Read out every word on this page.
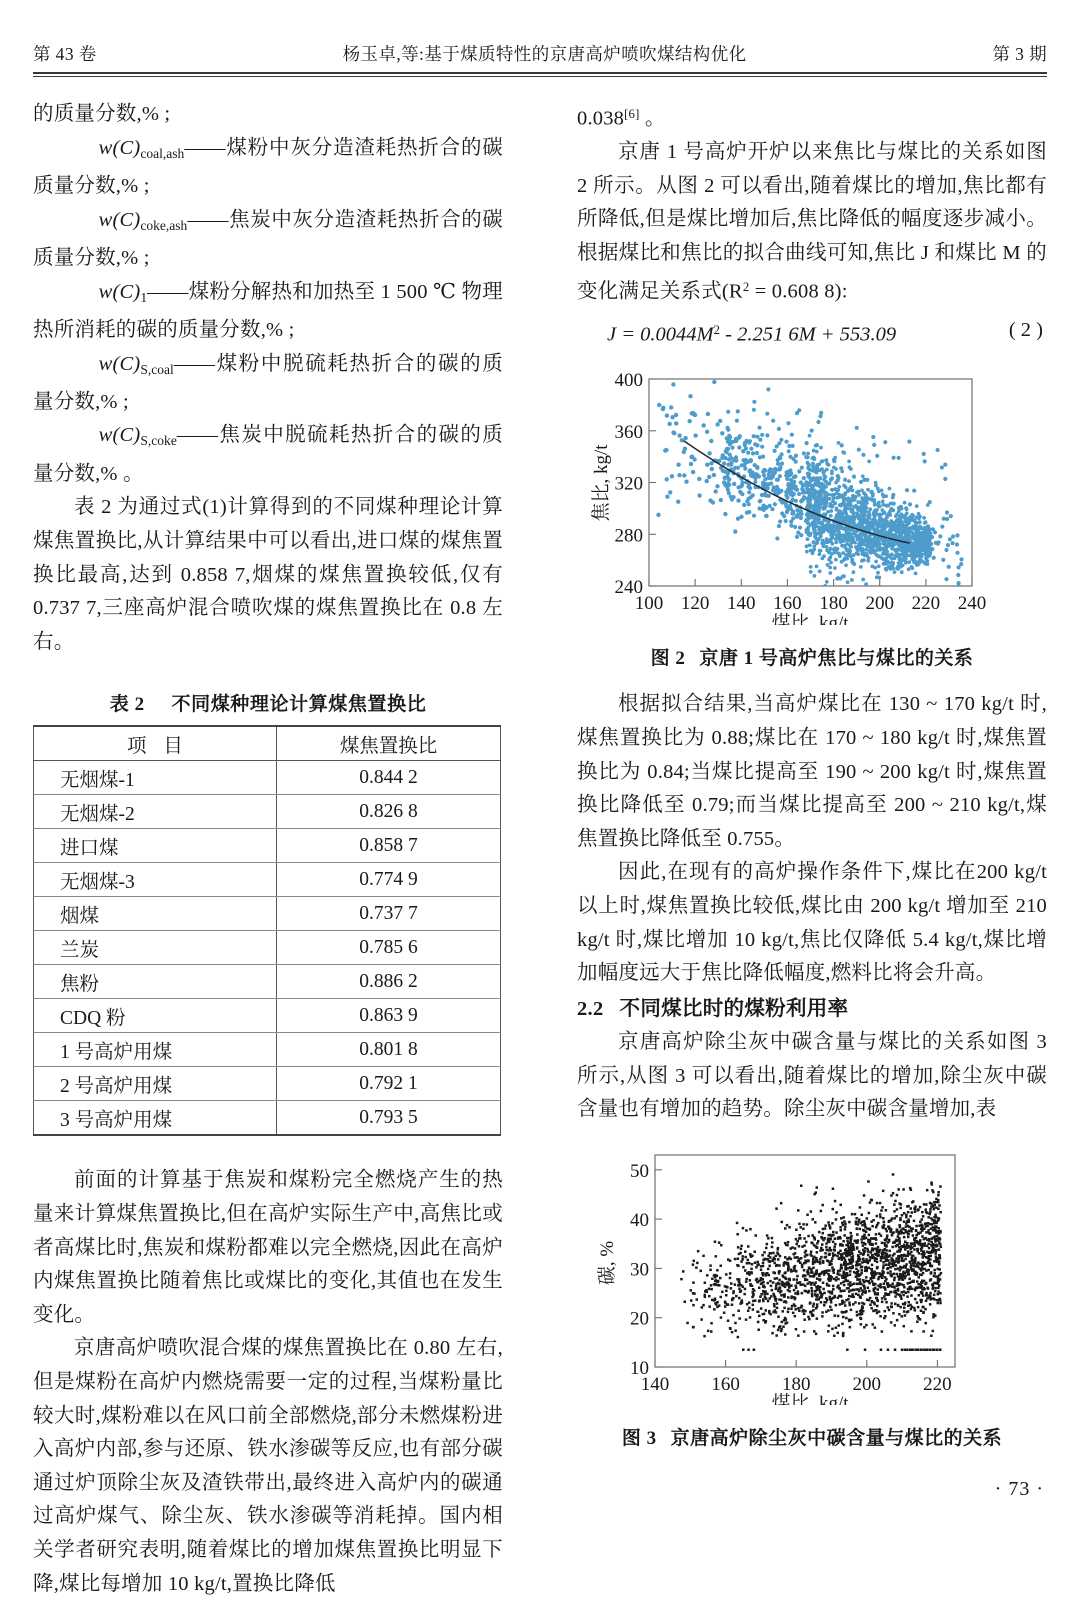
第 43 卷	杨玉卓,等:基于煤质特性的京唐高炉喷吹煤结构优化	第 3 期

的质量分数,% ;

$w(C)_{coal,ash}——$煤粉中灰分造渣耗热折合的碳质量分数,% ;

$w(C)_{coke,ash}——$焦炭中灰分造渣耗热折合的碳质量分数,% ;

$w(C)_1——$煤粉分解热和加热至 1 500 ℃ 物理热所消耗的碳的质量分数,% ;

$w(C)_{S,coal}——$煤粉中脱硫耗热折合的碳的质量分数,% ;

$w(C)_{S,coke}——$焦炭中脱硫耗热折合的碳的质量分数,% 。

表 2 为通过式(1)计算得到的不同煤种理论计算煤焦置换比,从计算结果中可以看出,进口煤的煤焦置换比最高,达到 0.858 7,烟煤的煤焦置换较低,仅有0.737 7,三座高炉混合喷吹煤的煤焦置换比在 0.8 左右。

表 2 不同煤种理论计算煤焦置换比
项 目	煤焦置换比
无烟煤-1	0.844 2
无烟煤-2	0.826 8
进口煤	0.858 7
无烟煤-3	0.774 9
烟煤	0.737 7
兰炭	0.785 6
焦粉	0.886 2
CDQ 粉	0.863 9
1 号高炉用煤	0.801 8
2 号高炉用煤	0.792 1
3 号高炉用煤	0.793 5

前面的计算基于焦炭和煤粉完全燃烧产生的热量来计算煤焦置换比,但在高炉实际生产中,高焦比或者高煤比时,焦炭和煤粉都难以完全燃烧,因此在高炉内煤焦置换比随着焦比或煤比的变化,其值也在发生变化。

京唐高炉喷吹混合煤的煤焦置换比在 0.80 左右,但是煤粉在高炉内燃烧需要一定的过程,当煤粉量比较大时,煤粉难以在风口前全部燃烧,部分未燃煤粉进入高炉内部,参与还原、铁水渗碳等反应,也有部分碳通过炉顶除尘灰及渣铁带出,最终进入高炉内的碳通过高炉煤气、除尘灰、铁水渗碳等消耗掉。国内相关学者研究表明,随着煤比的增加煤焦置换比明显下降,煤比每增加 10 kg/t,置换比降低

0.038[6] 。

京唐 1 号高炉开炉以来焦比与煤比的关系如图 2 所示。从图 2 可以看出,随着煤比的增加,焦比都有所降低,但是煤比增加后,焦比降低的幅度逐步减小。根据煤比和焦比的拟合曲线可知,焦比 J 和煤比 M 的变化满足关系式($R^2 = 0.608$ 8):

$J = 0.0044M^2 - 2.251$ 6M + 553.09	( 2 )
240
280
320
360
400
100 120 140 160 180 200 220 240
焦比, kg/t
煤比, kg/t
图 2 京唐 1 号高炉焦比与煤比的关系

根据拟合结果,当高炉煤比在 130 ~ 170 kg/t 时,煤焦置换比为 0.88;煤比在 170 ~ 180 kg/t 时,煤焦置换比为 0.84;当煤比提高至 190 ~ 200 kg/t 时,煤焦置换比降低至 0.79;而当煤比提高至 200 ~ 210 kg/t,煤焦置换比降低至 0.755。

因此,在现有的高炉操作条件下,煤比在200 kg/t以上时,煤焦置换比较低,煤比由 200 kg/t 增加至 210 kg/t 时,煤比增加 10 kg/t,焦比仅降低 5.4 kg/t,煤比增加幅度远大于焦比降低幅度,燃料比将会升高。

2.2 不同煤比时的煤粉利用率

京唐高炉除尘灰中碳含量与煤比的关系如图 3 所示,从图 3 可以看出,随着煤比的增加,除尘灰中碳含量也有增加的趋势。除尘灰中碳含量增加,表

10
20
30
40
50
140 160 180 200 220
碳, %
煤比, kg/t
图 3 京唐高炉除尘灰中碳含量与煤比的关系
· 73 ·
